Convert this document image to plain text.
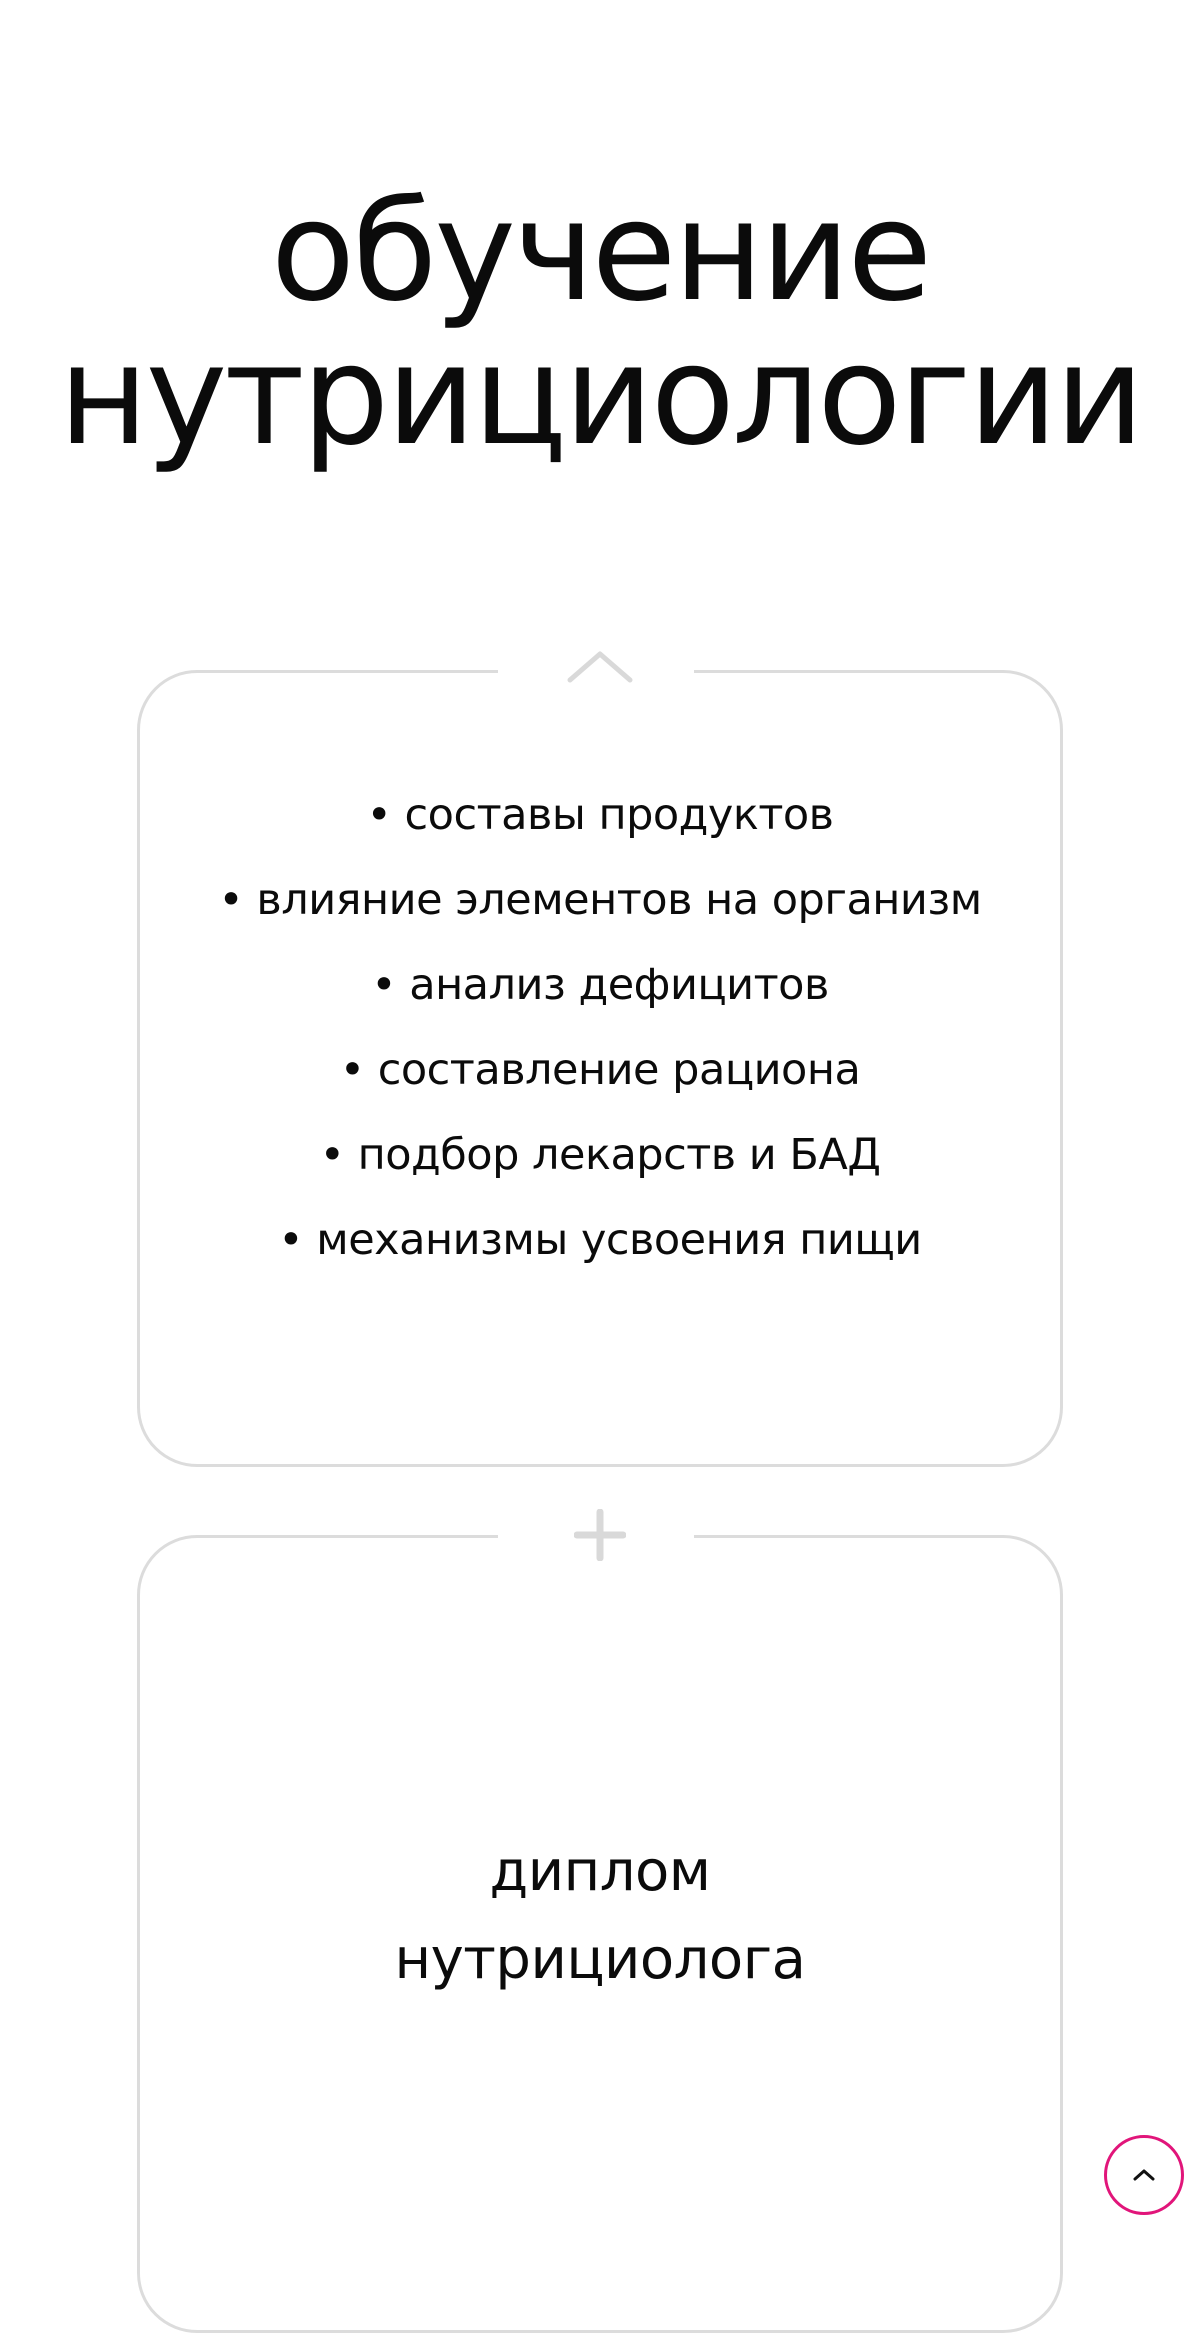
обучение
нутрициологии
• составы продуктов
• влияние элементов на организм
• анализ дефицитов
• составление рациона
• подбор лекарств и БАД
• механизмы усвоения пищи
диплом
нутрициолога
